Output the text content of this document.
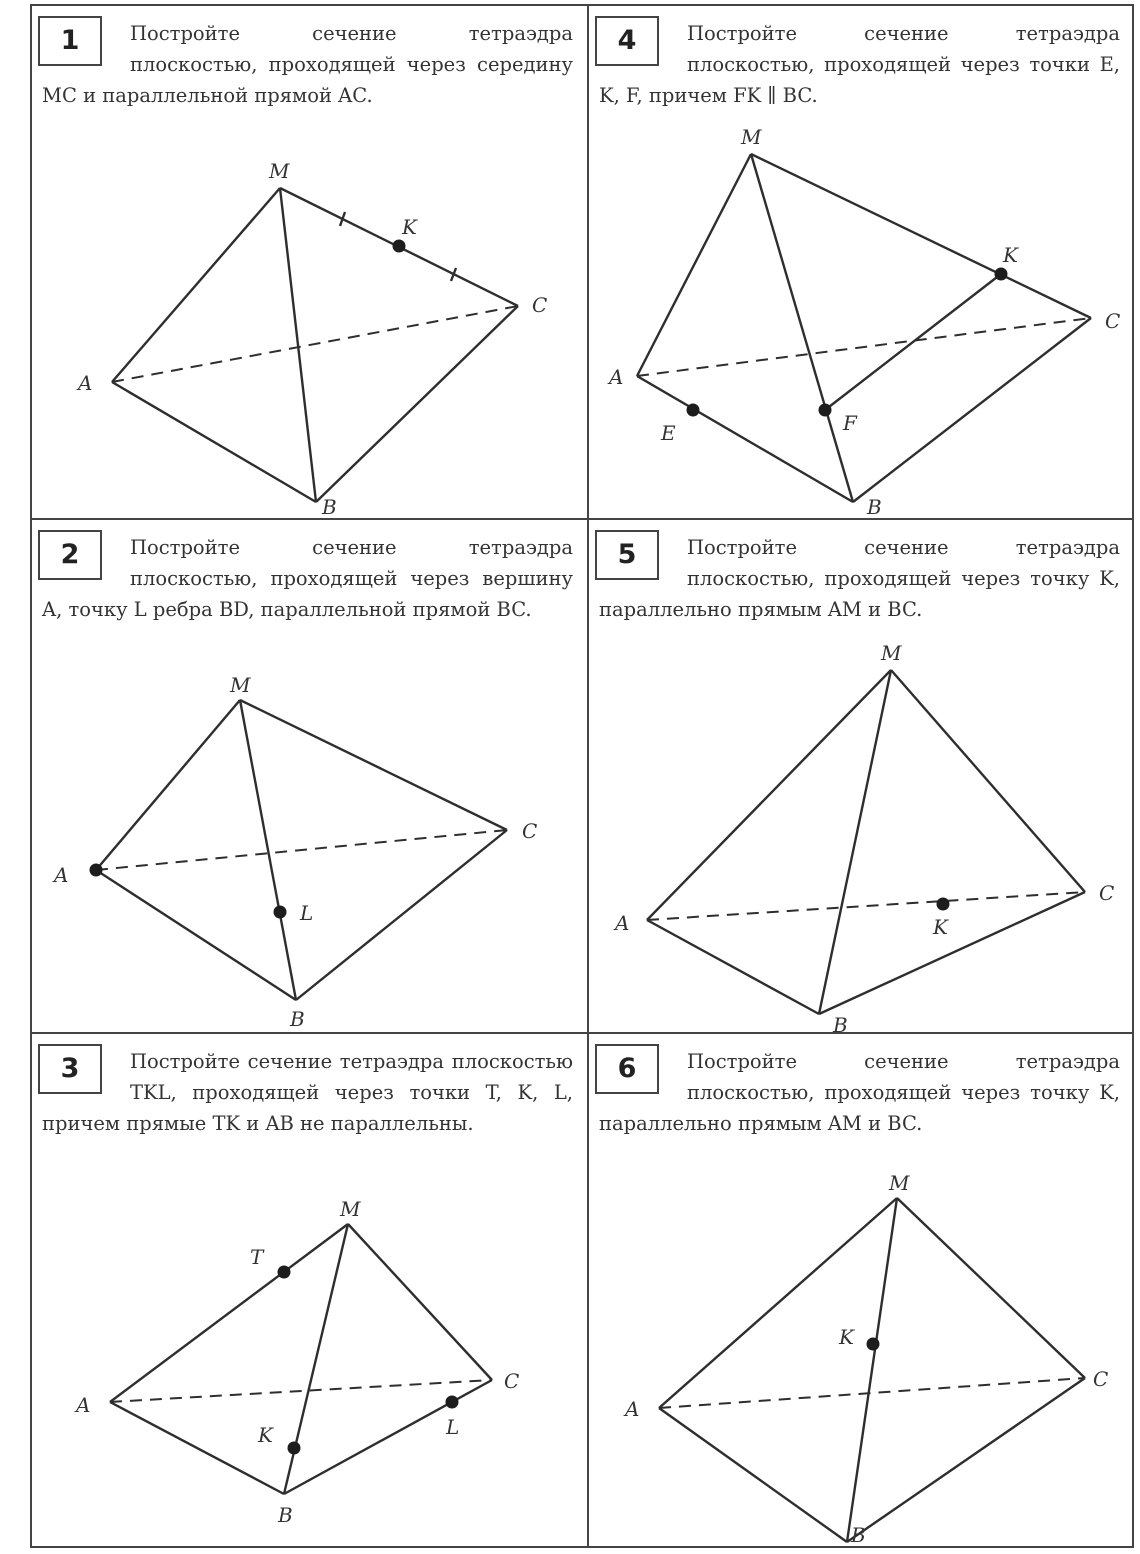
1	Постройте сечение тетраэдра плоскостью, проходящей через середину MC и параллельной прямой AC.

M
K
C
A
B
2	Постройте сечение тетраэдра плоскостью, проходящей через вершину A, точку L ребра BD, параллельной прямой BC.

M
C
A
L
B
3	Постройте сечение тетраэдра плоскостью TKL, проходящей через точки T, K, L, причем прямые TK и AB не параллельны.

M
T
C
A
K	L
B
4	Постройте сечение тетраэдра плоскостью, проходящей через точки E, K, F, причем FK ∥ BC.

M
K
C
A
E	F
B
5	Постройте сечение тетраэдра плоскостью, проходящей через точку K, параллельно прямым AM и BC.

M
C
A	K
B
6	Постройте сечение тетраэдра плоскостью, проходящей через точку K, параллельно прямым AM и BC.

M
K
C
A
B
